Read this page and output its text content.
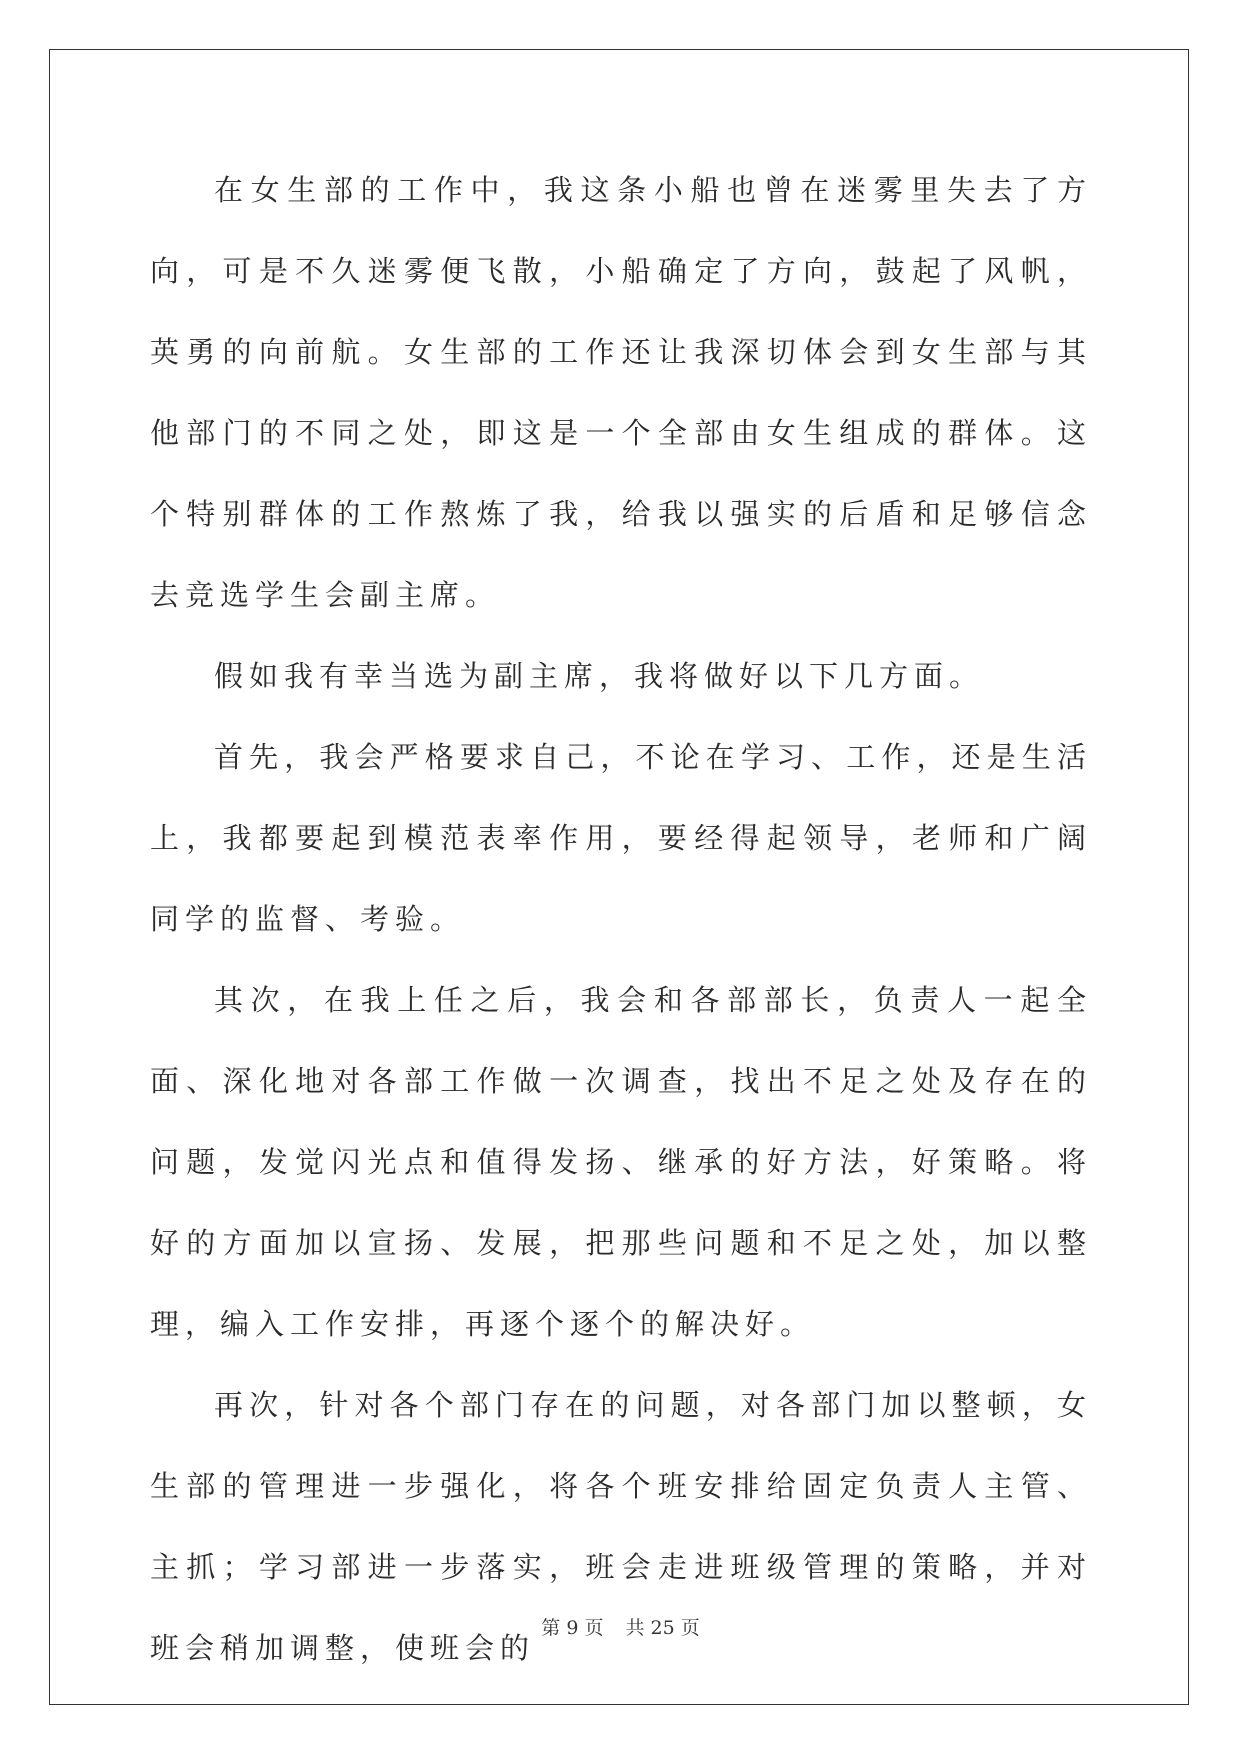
在女生部的工作中，我这条小船也曾在迷雾里失去了方向，可是不久迷雾便飞散，小船确定了方向，鼓起了风帆，英勇的向前航。女生部的工作还让我深切体会到女生部与其他部门的不同之处，即这是一个全部由女生组成的群体。这个特别群体的工作熬炼了我，给我以强实的后盾和足够信念去竞选学生会副主席。

假如我有幸当选为副主席，我将做好以下几方面。

首先，我会严格要求自己，不论在学习、工作，还是生活上，我都要起到模范表率作用，要经得起领导，老师和广阔同学的监督、考验。

其次，在我上任之后，我会和各部部长，负责人一起全面、深化地对各部工作做一次调查，找出不足之处及存在的问题，发觉闪光点和值得发扬、继承的好方法，好策略。将好的方面加以宣扬、发展，把那些问题和不足之处，加以整理，编入工作安排，再逐个逐个的解决好。

再次，针对各个部门存在的问题，对各部门加以整顿，女生部的管理进一步强化，将各个班安排给固定负责人主管、主抓；学习部进一步落实，班会走进班级管理的策略，并对班会稍加调整，使班会的

第 9 页 共 25 页
